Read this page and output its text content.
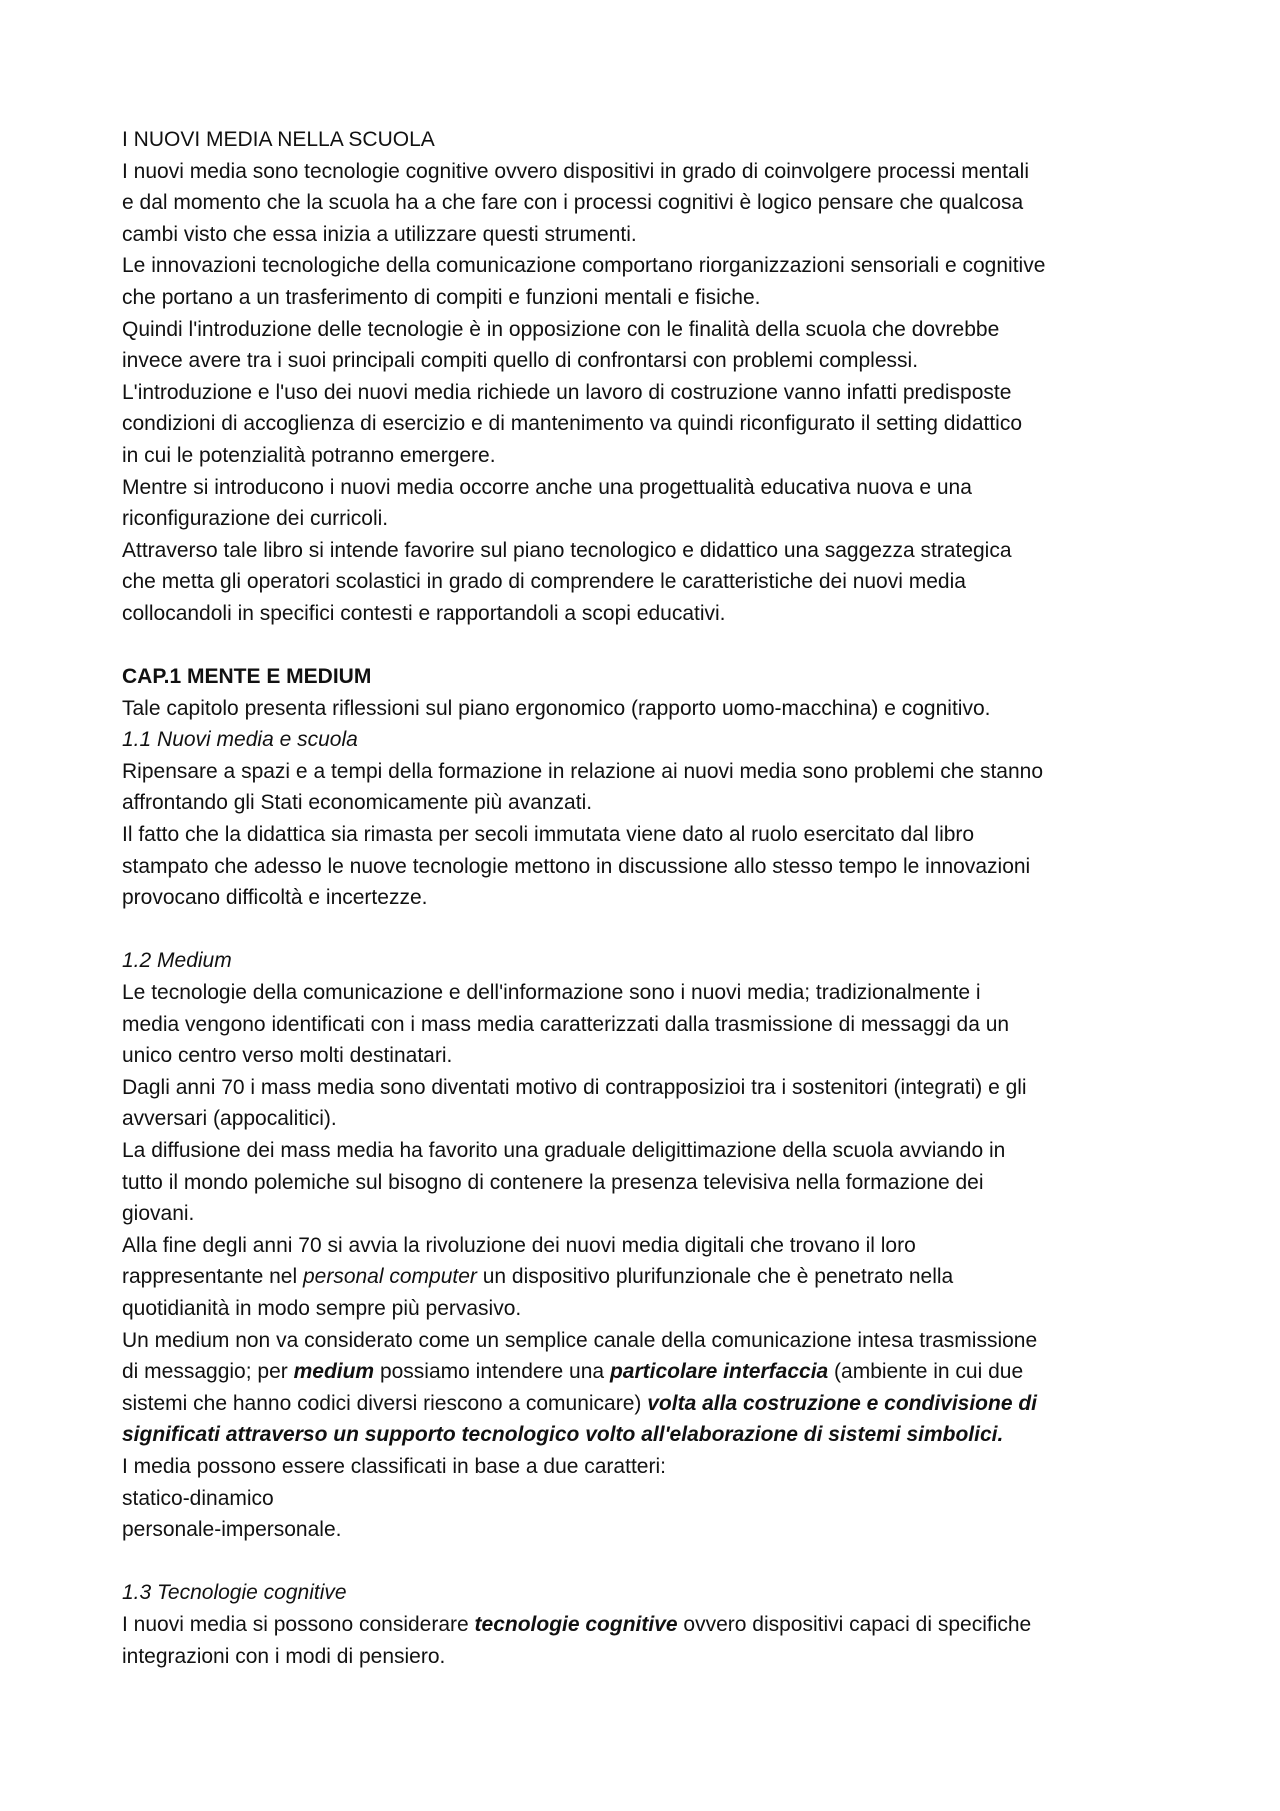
I NUOVI MEDIA NELLA SCUOLA
I nuovi media sono tecnologie cognitive ovvero dispositivi in grado di coinvolgere processi mentali
e dal momento che la scuola ha a che fare con i processi cognitivi è logico pensare che qualcosa
cambi visto che essa inizia a utilizzare questi strumenti.
Le innovazioni tecnologiche della comunicazione comportano riorganizzazioni sensoriali e cognitive
che portano a un trasferimento di compiti e funzioni mentali e fisiche.
Quindi l'introduzione delle tecnologie è in opposizione con le finalità della scuola che dovrebbe
invece avere tra i suoi principali compiti quello di confrontarsi con problemi complessi.
L'introduzione e l'uso dei nuovi media richiede un lavoro di costruzione vanno infatti predisposte
condizioni di accoglienza di esercizio e di mantenimento va quindi riconfigurato il setting didattico
in cui le potenzialità potranno emergere.
Mentre si introducono i nuovi media occorre anche una progettualità educativa nuova e una
riconfigurazione dei curricoli.
Attraverso tale libro si intende favorire sul piano tecnologico e didattico una saggezza strategica
che metta gli operatori scolastici in grado di comprendere le caratteristiche dei nuovi media
collocandoli in specifici contesti e rapportandoli a scopi educativi.
CAP.1 MENTE E MEDIUM
Tale capitolo presenta riflessioni sul piano ergonomico (rapporto uomo-macchina) e cognitivo.
1.1 Nuovi media e scuola
Ripensare a spazi e a tempi della formazione in relazione ai nuovi media sono problemi che stanno
affrontando gli Stati economicamente più avanzati.
Il fatto che la didattica sia rimasta per secoli immutata viene dato al ruolo esercitato dal libro
stampato che adesso le nuove tecnologie mettono in discussione allo stesso tempo le innovazioni
provocano difficoltà e incertezze.
1.2 Medium
Le tecnologie della comunicazione e dell'informazione sono i nuovi media; tradizionalmente i
media vengono identificati con i mass media caratterizzati dalla trasmissione di messaggi da un
unico centro verso molti destinatari.
Dagli anni 70 i mass media sono diventati motivo di contrapposizioi tra i sostenitori (integrati) e gli
avversari (appocalitici).
La diffusione dei mass media ha favorito una graduale deligittimazione della scuola avviando in
tutto il mondo polemiche sul bisogno di contenere la presenza televisiva nella formazione dei
giovani.
Alla fine degli anni 70 si avvia la rivoluzione dei nuovi media digitali che trovano il loro
rappresentante nel personal computer un dispositivo plurifunzionale che è penetrato nella
quotidianità in modo sempre più pervasivo.
Un medium non va considerato come un semplice canale della comunicazione intesa trasmissione
di messaggio; per medium possiamo intendere una particolare interfaccia (ambiente in cui due
sistemi che hanno codici diversi riescono a comunicare) volta alla costruzione e condivisione di
significati attraverso un supporto tecnologico volto all'elaborazione di sistemi simbolici.
I media possono essere classificati in base a due caratteri:
statico-dinamico
personale-impersonale.
1.3 Tecnologie cognitive
I nuovi media si possono considerare tecnologie cognitive ovvero dispositivi capaci di specifiche
integrazioni con i modi di pensiero.
